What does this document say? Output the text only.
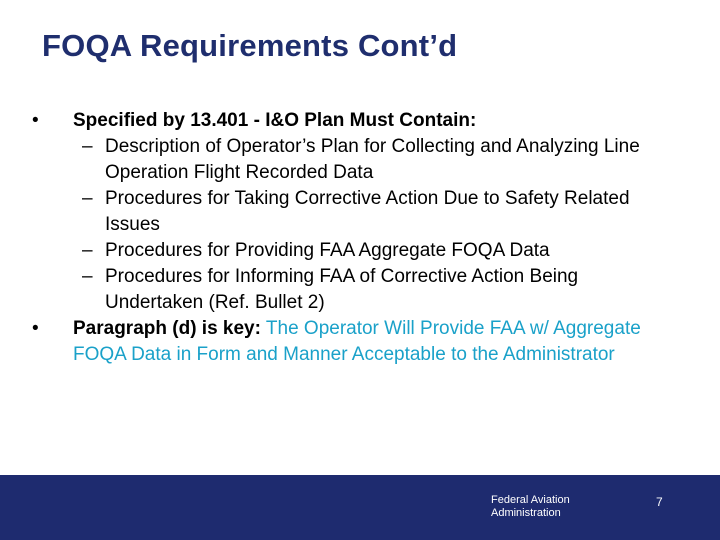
FOQA Requirements Cont’d
• Specified by 13.401 - I&O Plan Must Contain:
– Description of Operator’s Plan for Collecting and Analyzing Line Operation Flight Recorded Data
– Procedures for Taking Corrective Action Due to Safety Related Issues
– Procedures for Providing FAA Aggregate FOQA Data
– Procedures for Informing FAA of Corrective Action Being Undertaken (Ref. Bullet 2)
• Paragraph (d) is key: The Operator Will Provide FAA w/ Aggregate FOQA Data in Form and Manner Acceptable to the Administrator
Federal Aviation
Administration
7
